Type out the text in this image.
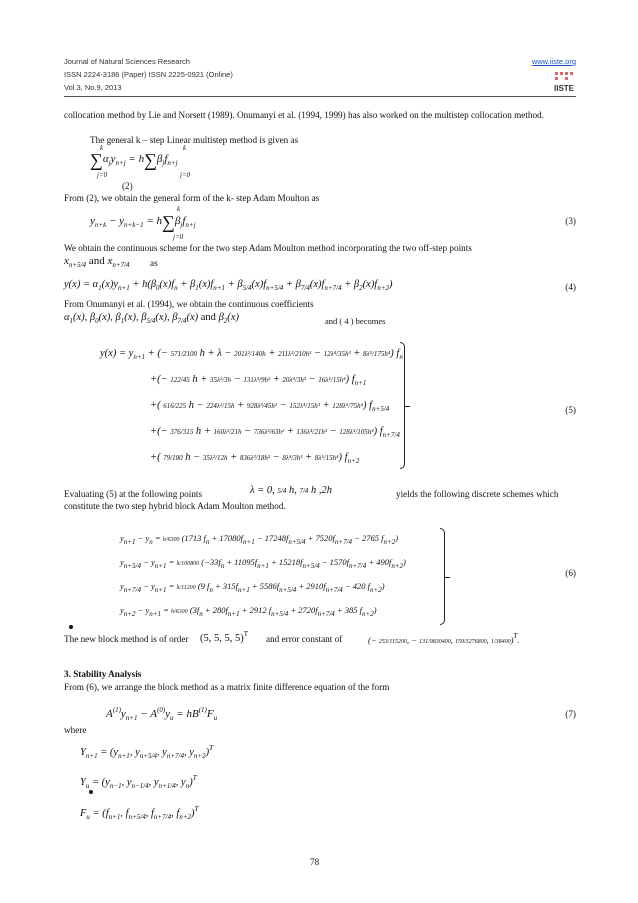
Journal of Natural Sciences Research
ISSN 2224-3186 (Paper) ISSN 2225-0921 (Online)
Vol.3, No.9, 2013
www.iiste.org
IISTE
collocation method by Lie and Norsett (1989). Onumanyi et al. (1994, 1999) has also worked on the multistep collocation method.
The general k – step Linear multistep method is given as
$\sum\alpha_jy_{n+j} = h\sum\beta_jf_{n+j}$
k
j=0
k
j=0
(2)
From (2), we obtain the general form of the k- step Adam Moulton as
$y_{n+k} - y_{n+k-1} = h\sum\beta_jf_{n+j}$
k
j=0
(3)
We obtain the continuous scheme for the two step Adam Moulton method incorporating the two off-step points
$x_{n+5/4}$ and $x_{n+7/4}$ as
$y(x) = \alpha_1(x)y_{n+1} + h(\beta_0(x)f_n + \beta_1(x)f_{n+1} + \beta_{5/4}(x)f_{n+5/4} + \beta_{7/4}(x)f_{n+7/4} + \beta_2(x)f_{n+2})$	(4)
From Onumanyi et al. (1994), we obtain the continuous coefficients
$\alpha_1(x)$, $\beta_0(x)$, $\beta_1(x)$, $\beta_{5/4}(x)$, $\beta_{7/4}(x)$ and $\beta_2(x)$	and ( 4 ) becomes
$y(x) = y_{n+1}$ + (− 571/2100 h + λ − 201λ²/140h + 211λ³/210h² − 12λ⁴/35h³ + 8λ⁵/175h⁴) $f_n$
+(− 122/45 h + 35λ²/3h − 131λ³/9h² + 20λ⁴/3h³ − 16λ⁵/15h⁴) $f_{n+1}$
+( 616/225 h − 224λ²/15h + 928λ³/45h² − 152λ⁴/15h³ + 128λ⁵/75h⁴) $f_{n+5/4}$
+(− 376/315 h + 160λ²/21h − 736λ³/63h² + 136λ⁴/21h³ − 128λ⁵/105h⁴) $f_{n+7/4}$
+( 79/180 h − 35λ²/12h + 836λ³/18h² − 8λ⁴/3h³ + 8λ⁵/15h⁴) $f_{n+2}$
(5)
Evaluating (5) at the following points	λ = 0, 5/4 h, 7/4 h ,2h	yields the following discrete schemes which constitute the two step hybrid block Adam Moulton method.
$y_{n+1} - y_n = h/6300$ (1713 $f_n + 17080f_{n+1} - 17248f_{n+5/4} + 7520f_{n+7/4} - 2765$ $f_{n+2}$)
$y_{n+5/4} - y_{n+1} = h/100800$ $(-33f_n + 11095f_{n+1} + 15218f_{n+5/4} - 1570f_{n+7/4} + 490f_{n+2})$
$y_{n+7/4} - y_{n+1} = h/11200$ (9 $f_n + 315f_{n+1} + 5586f_{n+5/4} + 2910f_{n+7/4} - 420$ $f_{n+2}$)
$y_{n+2} - y_{n+1} = h/6300$ ($3f_n + 280f_{n+1} + 2912$ $f_{n+5/4} + 2720f_{n+7/4} + 385$ $f_{n+2}$)
(6)
The new block method is of order	(5, 5, 5, 5)$^T$ and error constant of	(− 253/115200, − 131/9830400, 159/3276800, 1/38400)$^T$.
3. Stability Analysis
From (6), we arrange the block method as a matrix finite difference equation of the form
$A^{(1)}y_{n+1} - A^{(0)}y_u = hB^{(1)}F_u$	(7)
where
$Y_{n+1} = (y_{n+1}$, $y_{n+5/4}$, $y_{n+7/4}$, $y_{n+2})^T$
$Y_u = (y_{n-1}$, $y_{n-1/4}$, $y_{n+1/4}$, $y_n)^T$
$F_u = (f_{n+1}$, $f_{n+5/4}$, $f_{n+7/4}$, $f_{n+2})^T$
78
